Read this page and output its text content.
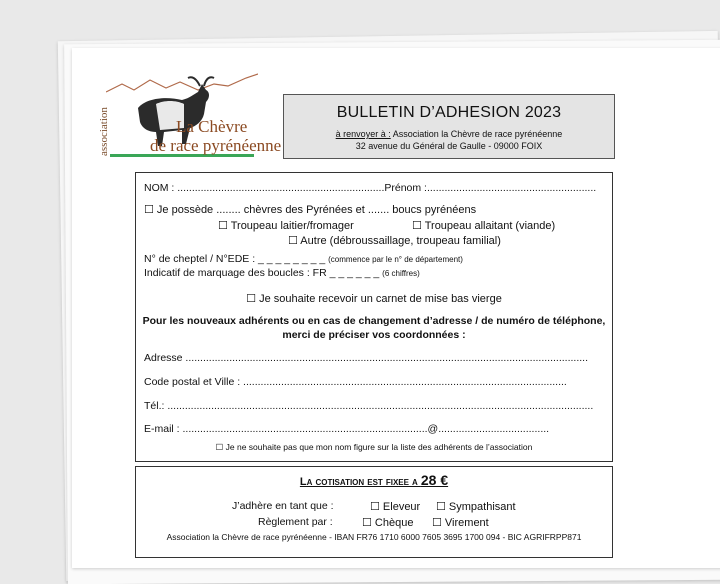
association	La Chèvre
de race pyrénéenne
BULLETIN D’ADHESION 2023
à renvoyer à : Association la Chèvre de race pyrénéenne
32 avenue du Général de Gaulle - 09000 FOIX
NOM : .......................................................................Prénom :..........................................................
☐ Je possède ........ chèvres des Pyrénées et ....... boucs pyrénéens
☐ Troupeau laitier/fromager	☐ Troupeau allaitant (viande)
☐ Autre (débroussaillage, troupeau familial)
N° de cheptel / N°EDE : _ _ _ _ _ _ _ _ (commence par le n° de département)
Indicatif de marquage des boucles : FR _ _ _ _ _ _ (6 chiffres)
☐ Je souhaite recevoir un carnet de mise bas vierge
Pour les nouveaux adhérents ou en cas de changement d’adresse / de numéro de téléphone,
merci de préciser vos coordonnées :
Adresse ..........................................................................................................................................
Code postal et Ville : ...............................................................................................................
Tél.: ..................................................................................................................................................
E-mail : ....................................................................................@......................................
☐ Je ne souhaite pas que mon nom figure sur la liste des adhérents de l’association
La cotisation est fixee a 28 €
J’adhère en tant que :	☐ Eleveur ☐ Sympathisant
Règlement par :	☐ Chèque ☐ Virement
Association la Chèvre de race pyrénéenne - IBAN FR76 1710 6000 7605 3695 1700 094 - BIC AGRIFRPP871
